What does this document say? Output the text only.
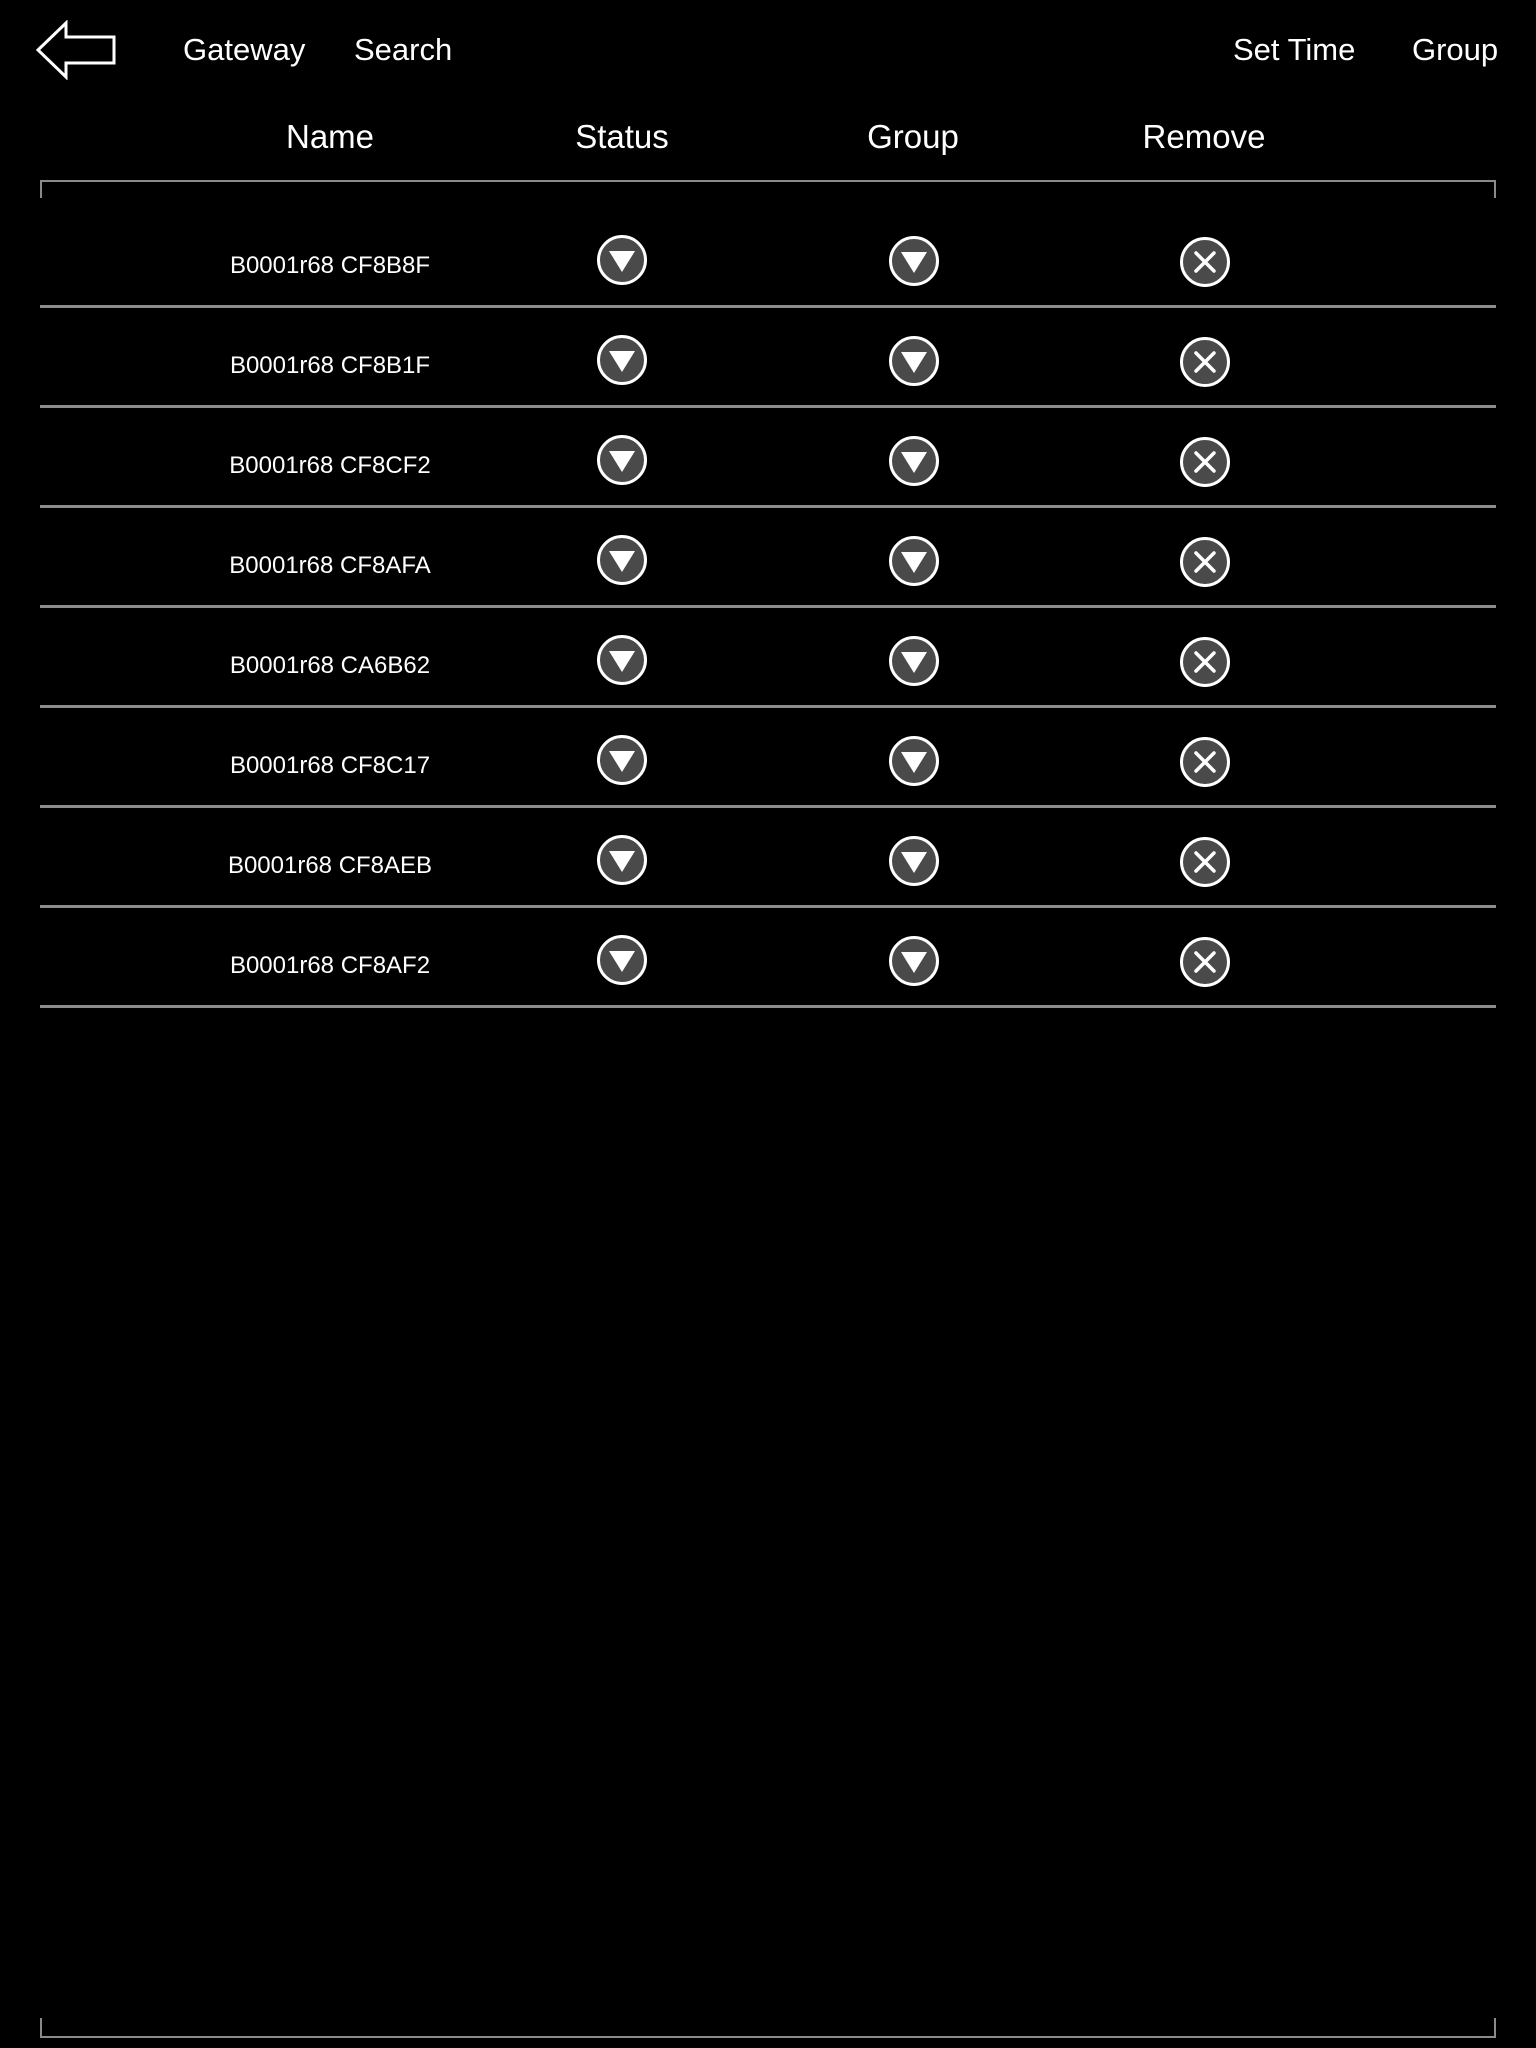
Gateway Search	Set Time Group
Name	Status	Group	Remove
B0001r68 CF8B8F
B0001r68 CF8B1F
B0001r68 CF8CF2
B0001r68 CF8AFA
B0001r68 CA6B62
B0001r68 CF8C17
B0001r68 CF8AEB
B0001r68 CF8AF2
